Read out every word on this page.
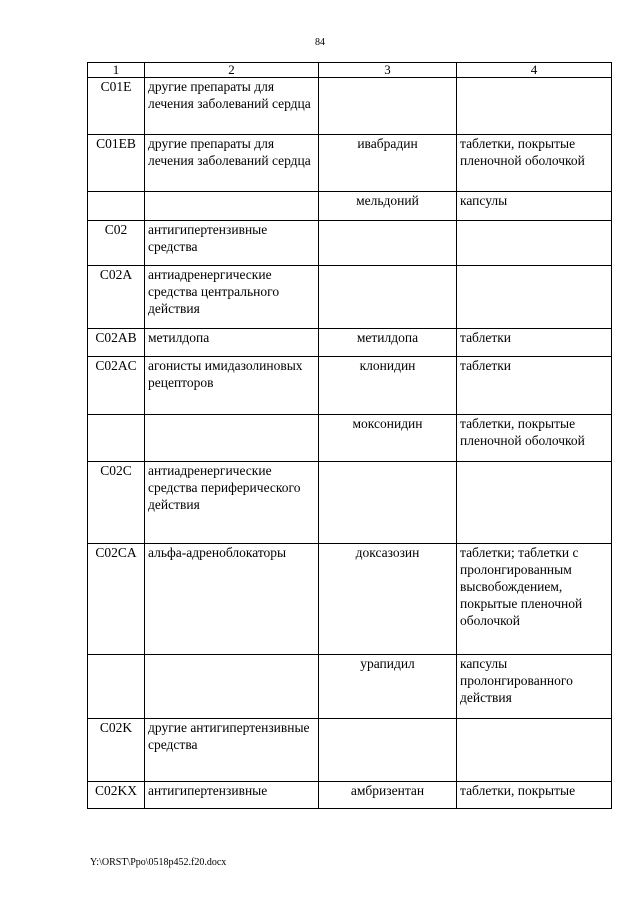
84
1	2	3	4
C01E	другие препараты для лечения заболеваний сердца		
C01EB	другие препараты для лечения заболеваний сердца	ивабрадин	таблетки, покрытые пленочной оболочкой
		мельдоний	капсулы
C02	антигипертензивные средства		
C02A	антиадренергические средства центрального действия		
C02AB	метилдопа	метилдопа	таблетки
C02AC	агонисты имидазолиновых рецепторов	клонидин	таблетки
		моксонидин	таблетки, покрытые пленочной оболочкой
C02C	антиадренергические средства периферического действия		
C02CA	альфа-адреноблокаторы	доксазозин	таблетки; таблетки с пролонгированным высвобождением, покрытые пленочной оболочкой
		урапидил	капсулы пролонгированного действия
C02K	другие антигипертензивные средства		
C02KX	антигипертензивные	амбризентан	таблетки, покрытые
Y:\ORST\Ppo\0518p452.f20.docx
